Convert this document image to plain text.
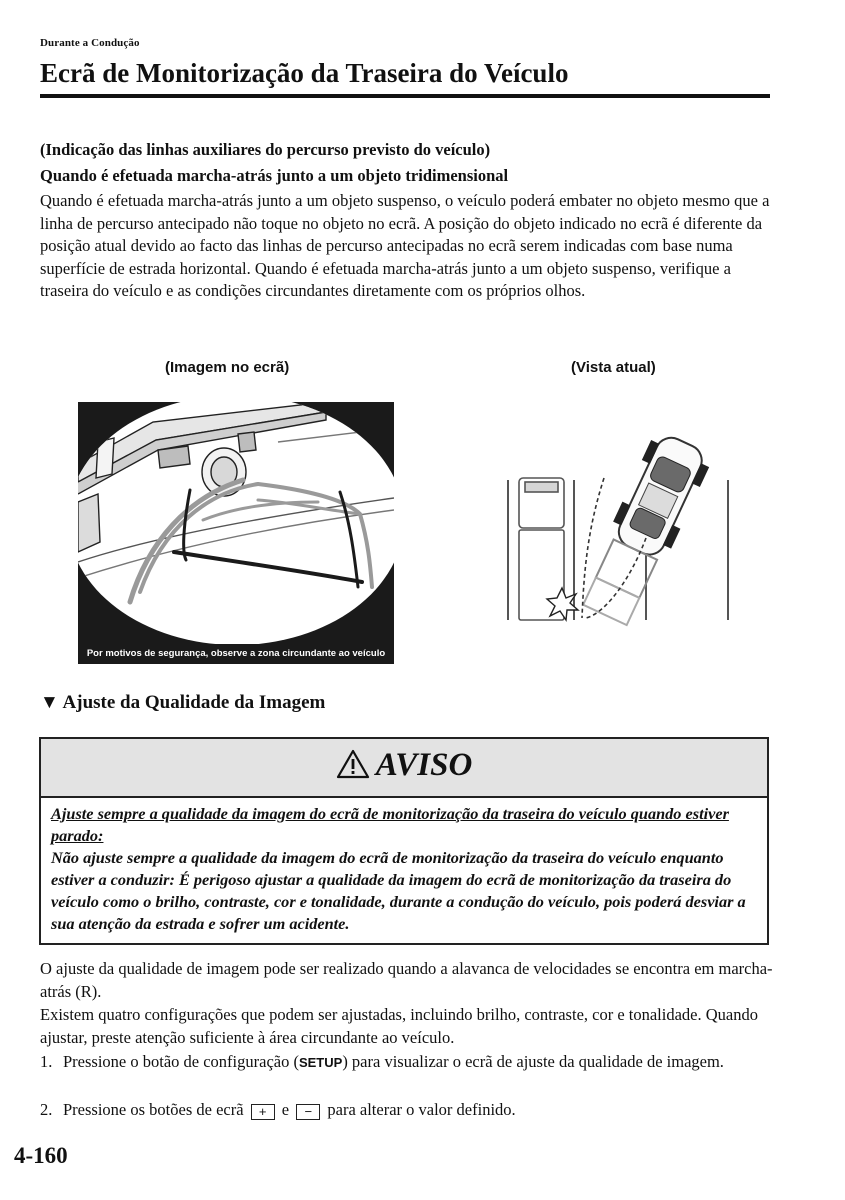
Durante a Condução
Ecrã de Monitorização da Traseira do Veículo
(Indicação das linhas auxiliares do percurso previsto do veículo)
Quando é efetuada marcha-atrás junto a um objeto tridimensional
Quando é efetuada marcha-atrás junto a um objeto suspenso, o veículo poderá embater no objeto mesmo que a linha de percurso antecipado não toque no objeto no ecrã. A posição do objeto indicado no ecrã é diferente da posição atual devido ao facto das linhas de percurso antecipadas no ecrã serem indicadas com base numa superfície de estrada horizontal. Quando é efetuada marcha-atrás junto a um objeto suspenso, verifique a traseira do veículo e as condições circundantes diretamente com os próprios olhos.
(Imagem no ecrã)	(Vista atual)
Por motivos de segurança, observe a zona circundante ao veículo
▼ Ajuste da Qualidade da Imagem
AVISO
Ajuste sempre a qualidade da imagem do ecrã de monitorização da traseira do veículo quando estiver parado:
Não ajuste sempre a qualidade da imagem do ecrã de monitorização da traseira do veículo enquanto estiver a conduzir: É perigoso ajustar a qualidade da imagem do ecrã de monitorização da traseira do veículo como o brilho, contraste, cor e tonalidade, durante a condução do veículo, pois poderá desviar a sua atenção da estrada e sofrer um acidente.
O ajuste da qualidade de imagem pode ser realizado quando a alavanca de velocidades se encontra em marcha-atrás (R).
Existem quatro configurações que podem ser ajustadas, incluindo brilho, contraste, cor e tonalidade. Quando ajustar, preste atenção suficiente à área circundante ao veículo.
1. Pressione o botão de configuração (SETUP) para visualizar o ecrã de ajuste da qualidade de imagem.
2. Pressione os botões de ecrã + e − para alterar o valor definido.
4-160
